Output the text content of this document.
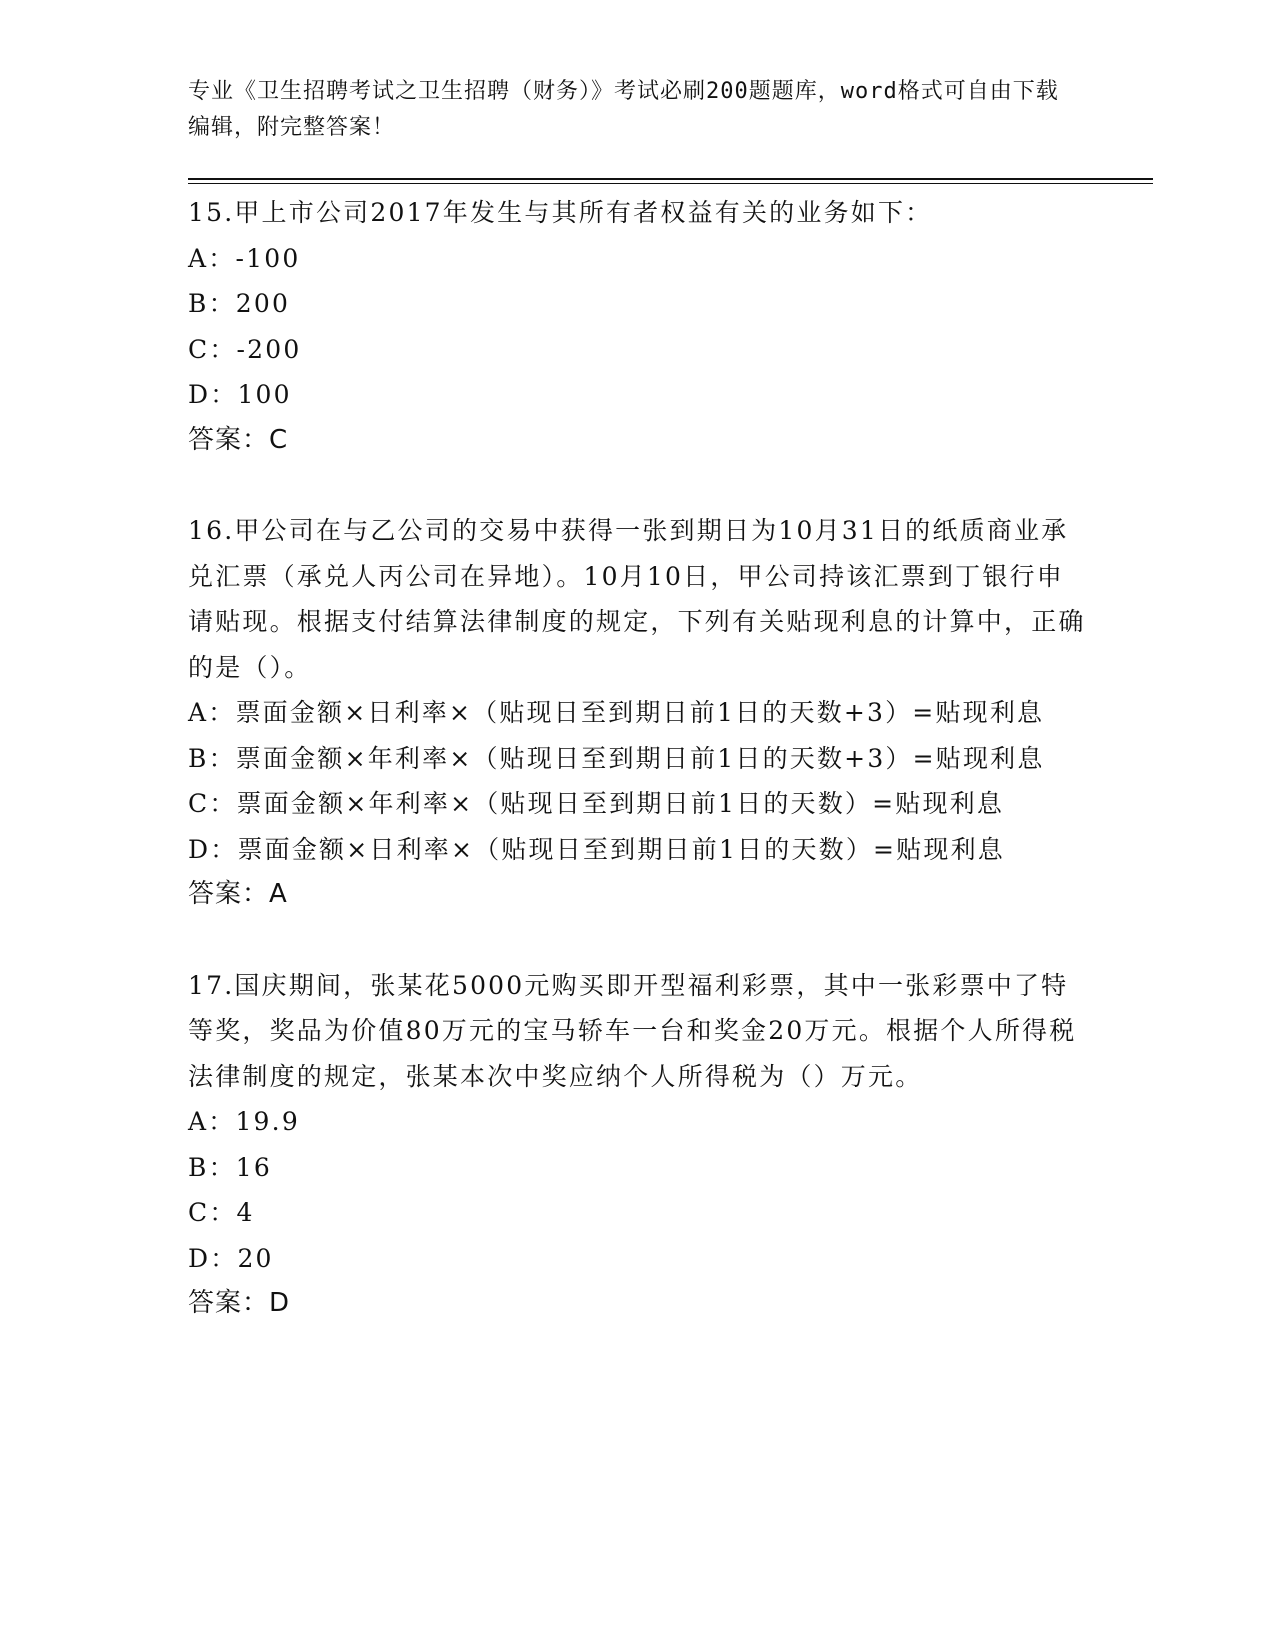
专业《卫生招聘考试之卫生招聘（财务）》考试必刷200题题库，word格式可自由下载编辑，附完整答案！

15.甲上市公司2017年发生与其所有者权益有关的业务如下：

A：-100

B：200

C：-200

D：100

答案：C

16.甲公司在与乙公司的交易中获得一张到期日为10月31日的纸质商业承兑汇票（承兑人丙公司在异地）。10月10日，甲公司持该汇票到丁银行申请贴现。根据支付结算法律制度的规定，下列有关贴现利息的计算中，正确的是（）。

A：票面金额×日利率×（贴现日至到期日前1日的天数+3）=贴现利息

B：票面金额×年利率×（贴现日至到期日前1日的天数+3）=贴现利息

C：票面金额×年利率×（贴现日至到期日前1日的天数）=贴现利息

D：票面金额×日利率×（贴现日至到期日前1日的天数）=贴现利息

答案：A

17.国庆期间，张某花5000元购买即开型福利彩票，其中一张彩票中了特等奖，奖品为价值80万元的宝马轿车一台和奖金20万元。根据个人所得税法律制度的规定，张某本次中奖应纳个人所得税为（）万元。

A：19.9

B：16

C：4

D：20

答案：D
